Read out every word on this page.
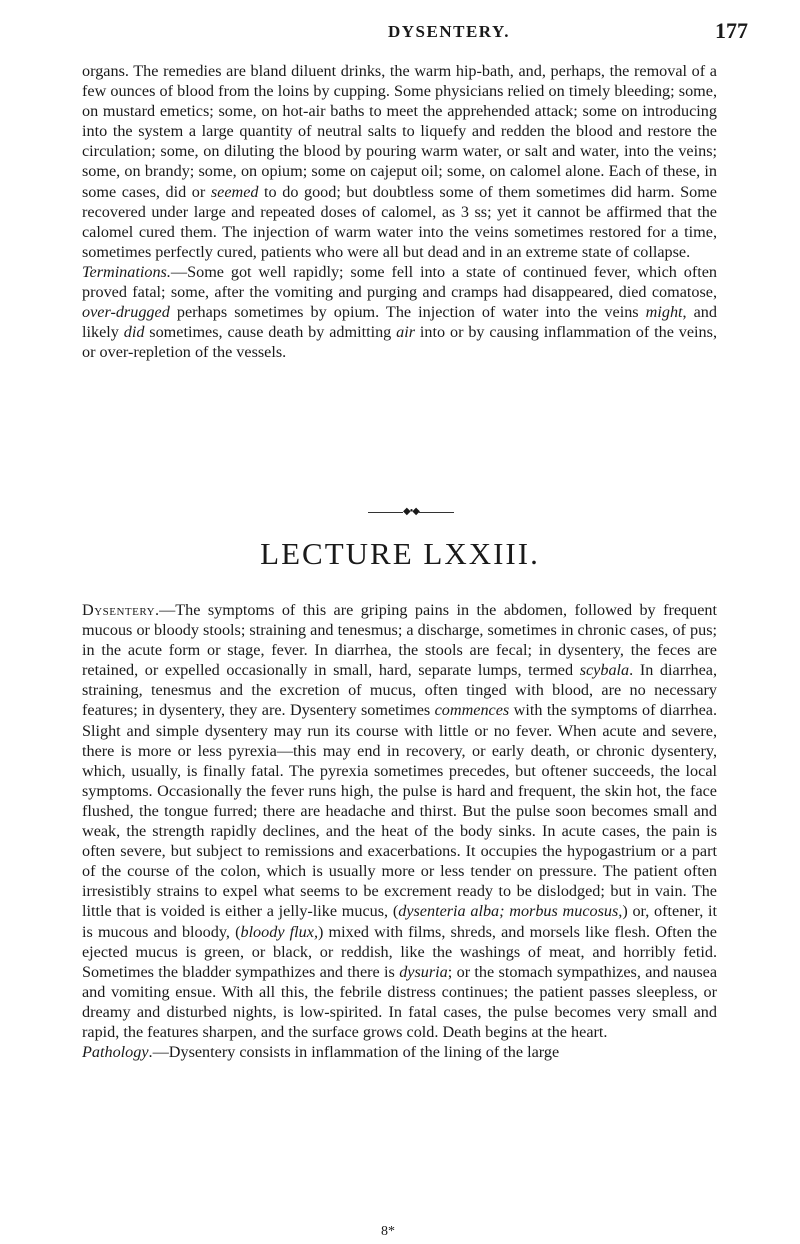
DYSENTERY.	177

organs. The remedies are bland diluent drinks, the warm hip-bath, and, perhaps, the removal of a few ounces of blood from the loins by cupping. Some physicians relied on timely bleeding; some, on mustard emetics; some, on hot-air baths to meet the apprehended attack; some on introducing into the system a large quantity of neutral salts to liquefy and redden the blood and restore the circulation; some, on diluting the blood by pouring warm water, or salt and water, into the veins; some, on brandy; some, on opium; some on cajeput oil; some, on calomel alone. Each of these, in some cases, did or seemed to do good; but doubtless some of them sometimes did harm. Some recovered under large and repeated doses of calomel, as 3 ss; yet it cannot be affirmed that the calomel cured them. The injection of warm water into the veins sometimes restored for a time, sometimes perfectly cured, patients who were all but dead and in an extreme state of collapse.

Terminations.—Some got well rapidly; some fell into a state of continued fever, which often proved fatal; some, after the vomiting and purging and cramps had disappeared, died comatose, over-drugged perhaps sometimes by opium. The injection of water into the veins might, and likely did sometimes, cause death by admitting air into or by causing inflammation of the veins, or over-repletion of the vessels.

◆•◆
LECTURE LXXIII.

Dysentery.—The symptoms of this are griping pains in the abdomen, followed by frequent mucous or bloody stools; straining and tenesmus; a discharge, sometimes in chronic cases, of pus; in the acute form or stage, fever. In diarrhea, the stools are fecal; in dysentery, the feces are retained, or expelled occasionally in small, hard, separate lumps, termed scybala. In diarrhea, straining, tenesmus and the excretion of mucus, often tinged with blood, are no necessary features; in dysentery, they are. Dysentery sometimes commences with the symptoms of diarrhea. Slight and simple dysentery may run its course with little or no fever. When acute and severe, there is more or less pyrexia—this may end in recovery, or early death, or chronic dysentery, which, usually, is finally fatal. The pyrexia sometimes precedes, but oftener succeeds, the local symptoms. Occasionally the fever runs high, the pulse is hard and frequent, the skin hot, the face flushed, the tongue furred; there are headache and thirst. But the pulse soon becomes small and weak, the strength rapidly declines, and the heat of the body sinks. In acute cases, the pain is often severe, but subject to remissions and exacerbations. It occupies the hypogastrium or a part of the course of the colon, which is usually more or less tender on pressure. The patient often irresistibly strains to expel what seems to be excrement ready to be dislodged; but in vain. The little that is voided is either a jelly-like mucus, (dysenteria alba; morbus mucosus,) or, oftener, it is mucous and bloody, (bloody flux,) mixed with films, shreds, and morsels like flesh. Often the ejected mucus is green, or black, or reddish, like the washings of meat, and horribly fetid. Sometimes the bladder sympathizes and there is dysuria; or the stomach sympathizes, and nausea and vomiting ensue. With all this, the febrile distress continues; the patient passes sleepless, or dreamy and disturbed nights, is low-spirited. In fatal cases, the pulse becomes very small and rapid, the features sharpen, and the surface grows cold. Death begins at the heart.

Pathology.—Dysentery consists in inflammation of the lining of the large

8*
